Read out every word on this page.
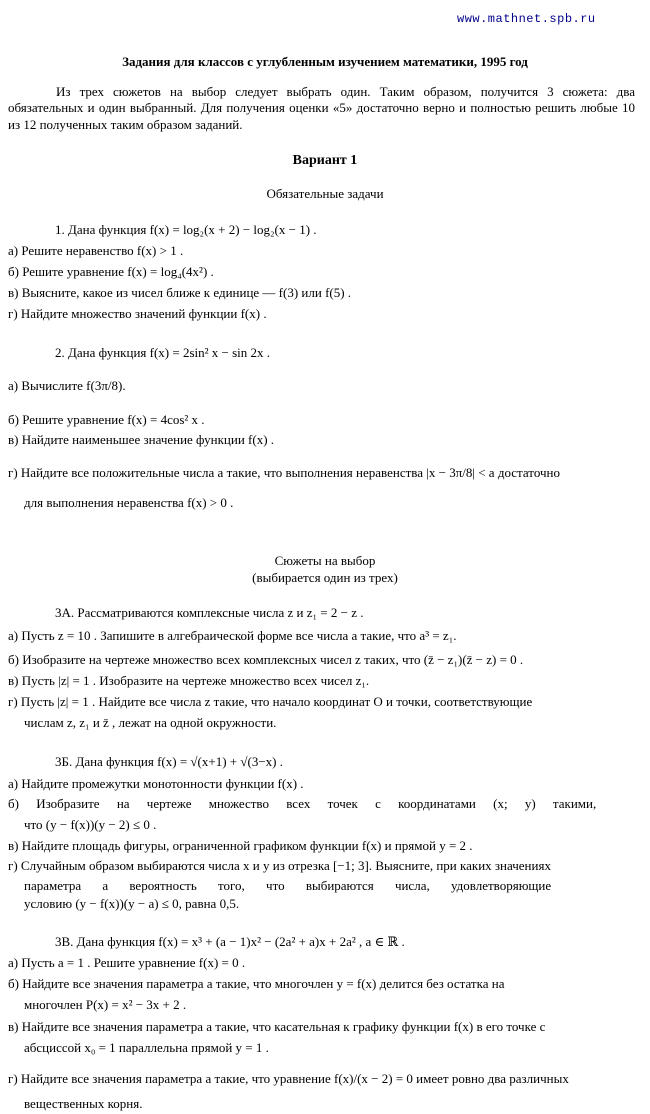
www.mathnet.spb.ru
Задания для классов с углубленным изучением математики, 1995 год
Из трех сюжетов на выбор следует выбрать один. Таким образом, получится 3 сюжета: два обязательных и один выбранный. Для получения оценки «5» достаточно верно и полностью решить любые 10 из 12 полученных таким образом заданий.
Вариант 1
Обязательные задачи
1. Дана функция f(x) = log₂(x + 2) − log₂(x − 1) .
а) Решите неравенство f(x) > 1 .
б) Решите уравнение f(x) = log₄(4x²) .
в) Выясните, какое из чисел ближе к единице — f(3) или f(5) .
г) Найдите множество значений функции f(x) .
2. Дана функция f(x) = 2sin² x − sin 2x .
а) Вычислите f(3π/8).
б) Решите уравнение f(x) = 4cos² x .
в) Найдите наименьшее значение функции f(x) .
г) Найдите все положительные числа a такие, что выполнения неравенства |x − 3π/8| < a достаточно
для выполнения неравенства f(x) > 0 .
Сюжеты на выбор
(выбирается один из трех)
3А. Рассматриваются комплексные числа z и z₁ = 2 − z .
а) Пусть z = 10 . Запишите в алгебраической форме все числа a такие, что a³ = z₁.
б) Изобразите на чертеже множество всех комплексных чисел z таких, что (z̄ − z₁)(z̄ − z) = 0 .
в) Пусть |z| = 1 . Изобразите на чертеже множество всех чисел z₁.
г) Пусть |z| = 1 . Найдите все числа z такие, что начало координат O и точки, соответствующие
числам z, z₁ и z̄ , лежат на одной окружности.
3Б. Дана функция f(x) = √(x+1) + √(3−x) .
а) Найдите промежутки монотонности функции f(x) .
б) Изобразите на чертеже множество всех точек с координатами (x; y) такими,
что (y − f(x))(y − 2) ≤ 0 .
в) Найдите площадь фигуры, ограниченной графиком функции f(x) и прямой y = 2 .
г) Случайным образом выбираются числа x и y из отрезка [−1; 3]. Выясните, при каких значениях
параметра a вероятность того, что выбираются числа, удовлетворяющие
условию (y − f(x))(y − a) ≤ 0, равна 0,5.
3В. Дана функция f(x) = x³ + (a − 1)x² − (2a² + a)x + 2a² , a ∈ ℝ .
а) Пусть a = 1 . Решите уравнение f(x) = 0 .
б) Найдите все значения параметра a такие, что многочлен y = f(x) делится без остатка на
многочлен P(x) = x² − 3x + 2 .
в) Найдите все значения параметра a такие, что касательная к графику функции f(x) в его точке с
абсциссой x₀ = 1 параллельна прямой y = 1 .
г) Найдите все значения параметра a такие, что уравнение f(x)/(x − 2) = 0 имеет ровно два различных
вещественных корня.
